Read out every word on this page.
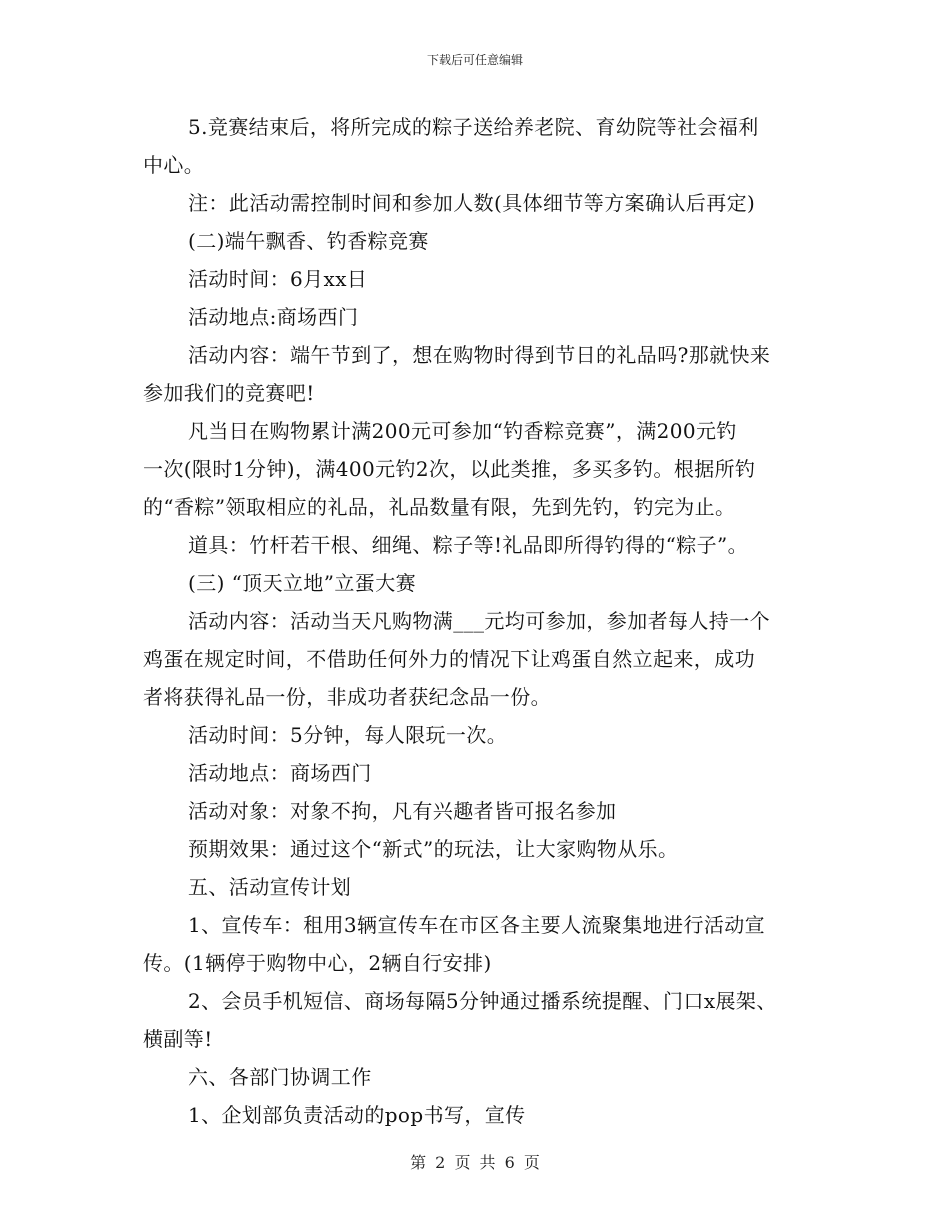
下载后可任意编辑
5.竞赛结束后，将所完成的粽子送给养老院、育幼院等社会福利
中心。
注：此活动需控制时间和参加人数(具体细节等方案确认后再定)
(二)端午飘香、钓香粽竞赛
活动时间：6月xx日
活动地点:商场西门
活动内容：端午节到了，想在购物时得到节日的礼品吗?那就快来
参加我们的竞赛吧!
凡当日在购物累计满200元可参加“钓香粽竞赛”，满200元钓
一次(限时1分钟)，满400元钓2次，以此类推，多买多钓。根据所钓
的“香粽”领取相应的礼品，礼品数量有限，先到先钓，钓完为止。
道具：竹杆若干根、细绳、粽子等!礼品即所得钓得的“粽子”。
(三) “顶天立地”立蛋大赛
活动内容：活动当天凡购物满___元均可参加，参加者每人持一个
鸡蛋在规定时间，不借助任何外力的情况下让鸡蛋自然立起来，成功
者将获得礼品一份，非成功者获纪念品一份。
活动时间：5分钟，每人限玩一次。
活动地点：商场西门
活动对象：对象不拘，凡有兴趣者皆可报名参加
预期效果：通过这个“新式”的玩法，让大家购物从乐。
五、活动宣传计划
1、宣传车：租用3辆宣传车在市区各主要人流聚集地进行活动宣
传。(1辆停于购物中心，2辆自行安排)
2、会员手机短信、商场每隔5分钟通过播系统提醒、门口x展架、
横副等!
六、各部门协调工作
1、企划部负责活动的pop书写，宣传
第 2 页 共 6 页
